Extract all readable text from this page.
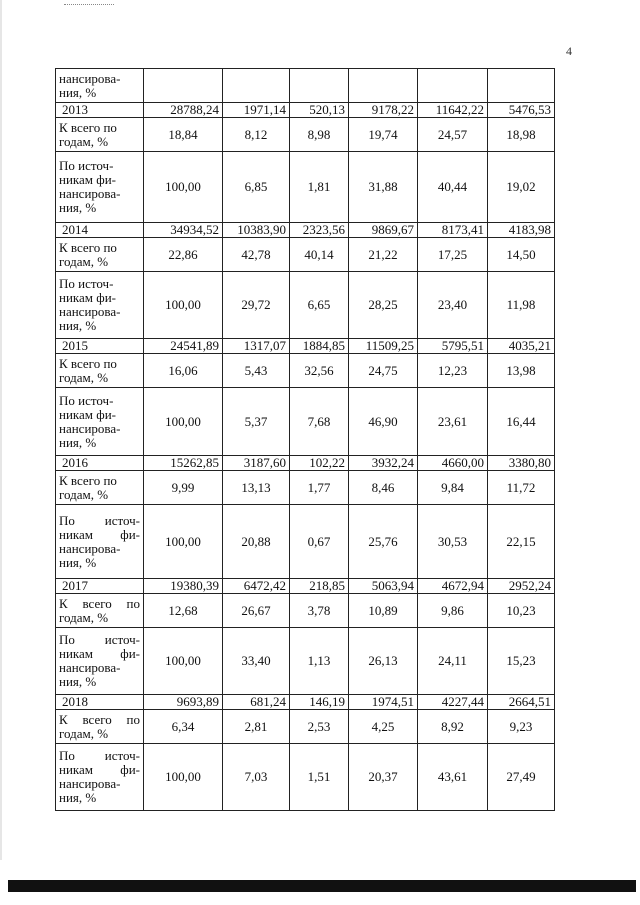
4
нансирова-ния, %						
2013	28788,24	1971,14	520,13	9178,22	11642,22	5476,53
К всего по годам, %	18,84	8,12	8,98	19,74	24,57	18,98
По источ-никам фи-нансирова-ния, %	100,00	6,85	1,81	31,88	40,44	19,02
2014	34934,52	10383,90	2323,56	9869,67	8173,41	4183,98
К всего по годам, %	22,86	42,78	40,14	21,22	17,25	14,50
По источ-никам фи-нансирова-ния, %	100,00	29,72	6,65	28,25	23,40	11,98
2015	24541,89	1317,07	1884,85	11509,25	5795,51	4035,21
К всего по годам, %	16,06	5,43	32,56	24,75	12,23	13,98
По источ-никам фи-нансирова-ния, %	100,00	5,37	7,68	46,90	23,61	16,44
2016	15262,85	3187,60	102,22	3932,24	4660,00	3380,80
К всего по годам, %	9,99	13,13	1,77	8,46	9,84	11,72
По источ-никам фи-нансирова-ния, %	100,00	20,88	0,67	25,76	30,53	22,15
2017	19380,39	6472,42	218,85	5063,94	4672,94	2952,24
К всего по годам, %	12,68	26,67	3,78	10,89	9,86	10,23
По источ-никам фи-нансирова-ния, %	100,00	33,40	1,13	26,13	24,11	15,23
2018	9693,89	681,24	146,19	1974,51	4227,44	2664,51
К всего по годам, %	6,34	2,81	2,53	4,25	8,92	9,23
По источ-никам фи-нансирова-ния, %	100,00	7,03	1,51	20,37	43,61	27,49
